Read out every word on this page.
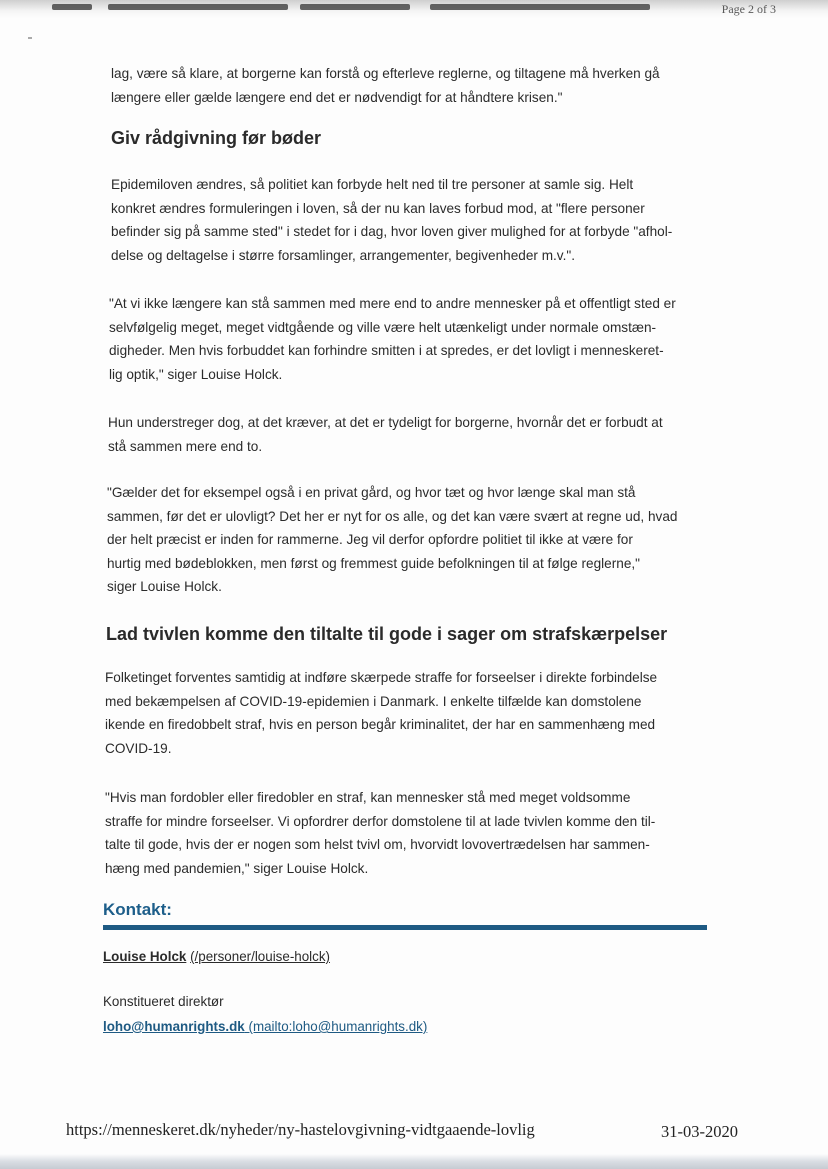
Page 2 of 3
lag, være så klare, at borgerne kan forstå og efterleve reglerne, og tiltagene må hverken gå
længere eller gælde længere end det er nødvendigt for at håndtere krisen."
Giv rådgivning før bøder
Epidemiloven ændres, så politiet kan forbyde helt ned til tre personer at samle sig. Helt
konkret ændres formuleringen i loven, så der nu kan laves forbud mod, at "flere personer
befinder sig på samme sted" i stedet for i dag, hvor loven giver mulighed for at forbyde "afhol-
delse og deltagelse i større forsamlinger, arrangementer, begivenheder m.v.".
"At vi ikke længere kan stå sammen med mere end to andre mennesker på et offentligt sted er
selvfølgelig meget, meget vidtgående og ville være helt utænkeligt under normale omstæn-
digheder. Men hvis forbuddet kan forhindre smitten i at spredes, er det lovligt i menneskeret-
lig optik," siger Louise Holck.
Hun understreger dog, at det kræver, at det er tydeligt for borgerne, hvornår det er forbudt at
stå sammen mere end to.
"Gælder det for eksempel også i en privat gård, og hvor tæt og hvor længe skal man stå
sammen, før det er ulovligt? Det her er nyt for os alle, og det kan være svært at regne ud, hvad
der helt præcist er inden for rammerne. Jeg vil derfor opfordre politiet til ikke at være for
hurtig med bødeblokken, men først og fremmest guide befolkningen til at følge reglerne,"
siger Louise Holck.
Lad tvivlen komme den tiltalte til gode i sager om strafskærpelser
Folketinget forventes samtidig at indføre skærpede straffe for forseelser i direkte forbindelse
med bekæmpelsen af COVID-19-epidemien i Danmark. I enkelte tilfælde kan domstolene
ikende en firedobbelt straf, hvis en person begår kriminalitet, der har en sammenhæng med
COVID-19.
"Hvis man fordobler eller firedobler en straf, kan mennesker stå med meget voldsomme
straffe for mindre forseelser. Vi opfordrer derfor domstolene til at lade tvivlen komme den til-
talte til gode, hvis der er nogen som helst tvivl om, hvorvidt lovovertrædelsen har sammen-
hæng med pandemien," siger Louise Holck.
Kontakt:
Louise Holck (/personer/louise-holck)
Konstitueret direktør
loho@humanrights.dk (mailto:loho@humanrights.dk)
https://menneskeret.dk/nyheder/ny-hastelovgivning-vidtgaaende-lovlig	31-03-2020
